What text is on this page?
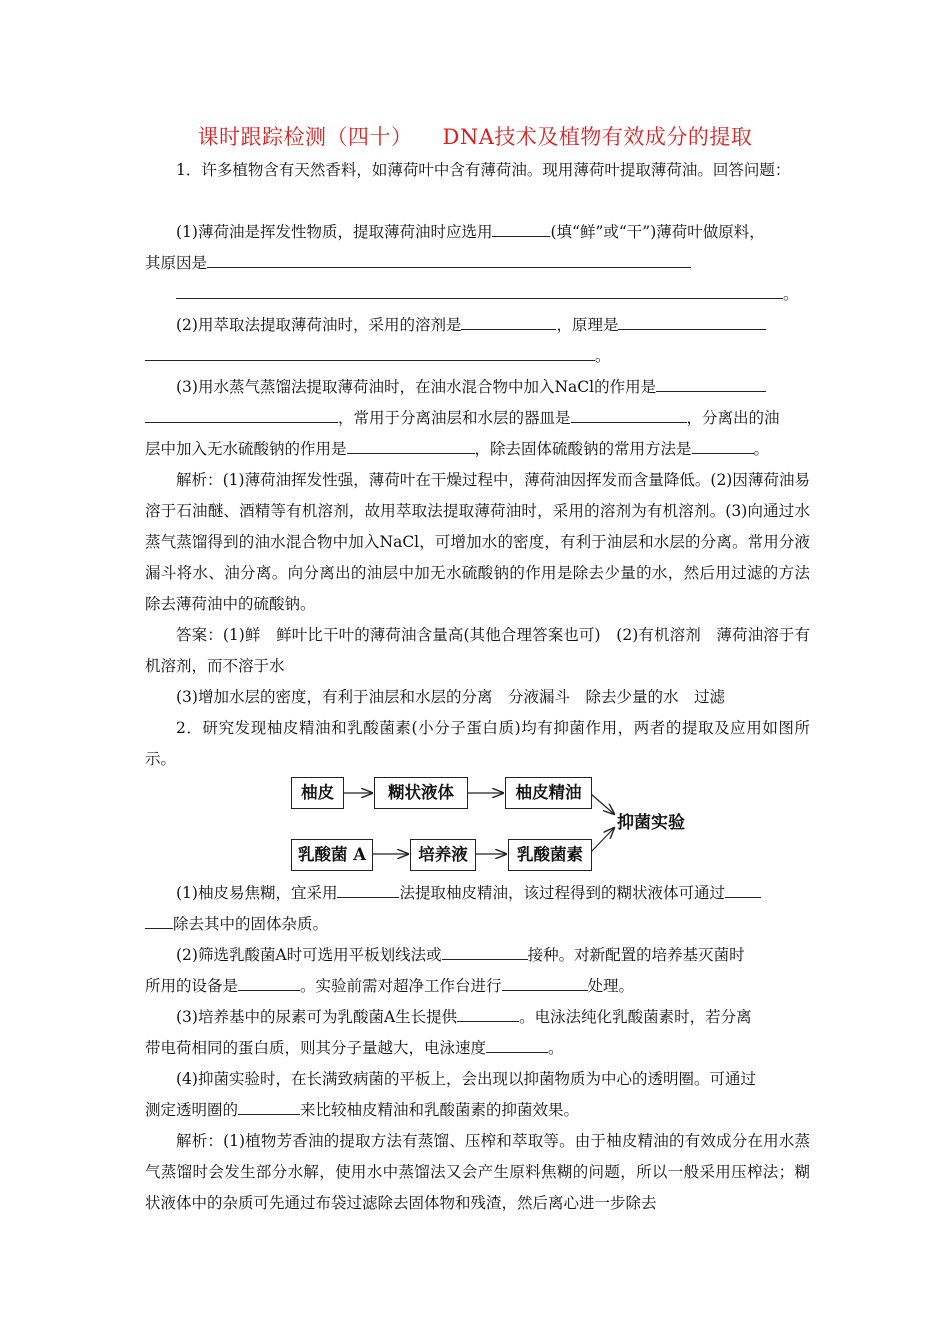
课时跟踪检测（四十） DNA技术及植物有效成分的提取
1．许多植物含有天然香料，如薄荷叶中含有薄荷油。现用薄荷叶提取薄荷油。回答问题：
(1)薄荷油是挥发性物质，提取薄荷油时应选用	(填“鲜”或“干”)薄荷叶做原料，
其原因是
。
(2)用萃取法提取薄荷油时，采用的溶剂是	，原理是
。
(3)用水蒸气蒸馏法提取薄荷油时，在油水混合物中加入NaCl的作用是
，常用于分离油层和水层的器皿是	，分离出的油
层中加入无水硫酸钠的作用是	，除去固体硫酸钠的常用方法是	。
解析：(1)薄荷油挥发性强，薄荷叶在干燥过程中，薄荷油因挥发而含量降低。(2)因薄荷油易溶于石油醚、酒精等有机溶剂，故用萃取法提取薄荷油时，采用的溶剂为有机溶剂。(3)向通过水蒸气蒸馏得到的油水混合物中加入NaCl，可增加水的密度，有利于油层和水层的分离。常用分液漏斗将水、油分离。向分离出的油层中加无水硫酸钠的作用是除去少量的水，然后用过滤的方法除去薄荷油中的硫酸钠。
答案：(1)鲜　鲜叶比干叶的薄荷油含量高(其他合理答案也可)　(2)有机溶剂　薄荷油溶于有机溶剂，而不溶于水
(3)增加水层的密度，有利于油层和水层的分离　分液漏斗　除去少量的水　过滤
2．研究发现柚皮精油和乳酸菌素(小分子蛋白质)均有抑菌作用，两者的提取及应用如图所示。
柚皮	糊状液体	柚皮精油
乳酸菌 A	培养液	乳酸菌素
抑菌实验
(1)柚皮易焦糊，宜采用	法提取柚皮精油，该过程得到的糊状液体可通过
除去其中的固体杂质。
(2)筛选乳酸菌A时可选用平板划线法或	接种。对新配置的培养基灭菌时
所用的设备是	。实验前需对超净工作台进行	处理。
(3)培养基中的尿素可为乳酸菌A生长提供	。电泳法纯化乳酸菌素时，若分离
带电荷相同的蛋白质，则其分子量越大，电泳速度	。
(4)抑菌实验时，在长满致病菌的平板上，会出现以抑菌物质为中心的透明圈。可通过
测定透明圈的	来比较柚皮精油和乳酸菌素的抑菌效果。
解析：(1)植物芳香油的提取方法有蒸馏、压榨和萃取等。由于柚皮精油的有效成分在用水蒸气蒸馏时会发生部分水解，使用水中蒸馏法又会产生原料焦糊的问题，所以一般采用压榨法；糊状液体中的杂质可先通过布袋过滤除去固体物和残渣，然后离心进一步除去
